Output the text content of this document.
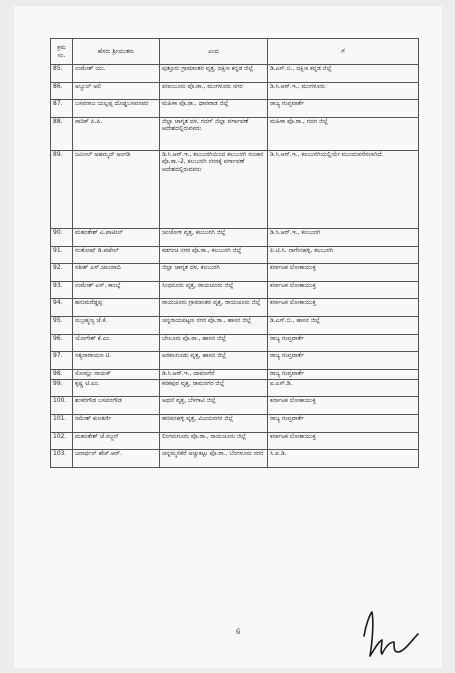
ಕ್ರಮ ಸಂ.	ಹೆಸರು ಶ್ರೀಯುತರು	ಎಂದ	ಗೆ
85.	ಉಮೇಶ್ ಯು.	ಪುತ್ತೂರು ಗ್ರಾಮಾಂತರ ವೃತ್ತ, ದಕ್ಷಿಣ ಕನ್ನಡ ಜಿಲ್ಲೆ	ಡಿ.ಎಸ್.ಬಿ., ದಕ್ಷಿಣ ಕನ್ನಡ ಜಿಲ್ಲೆ
86.	ಅಬ್ದುಲ್ ಅಲಿ	ಪಣಂಬೂರು ಪೊ.ಠಾ., ಮಂಗಳೂರು ನಗರ	ಡಿ.ಸಿ.ಆರ್.ಇ., ಮಂಗಳೂರು
87.	ಬಸವರಾಜ ಯಲ್ಲಪ್ಪ ದೊಡ್ಡಬಸವನವರ	ಮಹಿಳಾ ಪೊ.ಠಾ., ಧಾರವಾಡ ಜಿಲ್ಲೆ	ರಾಜ್ಯ ಗುಪ್ತವಾರ್ತೆ
88.	ಸಾದಿಕ್ ಪಿ.ಪಿ.	ಜಿಲ್ಲಾ ಜಾಗೃತ ದಳ, ಗದಗ್ ಜಿಲ್ಲಾ ವರ್ಗಾವಣೆ ಆದೇಶದಲ್ಲಿರುವವರು	ಮಹಿಳಾ ಪೊ.ಠಾ., ಗದಗ ಜಿಲ್ಲೆ
89.	ಜಮೀಲ್ ಅಹಮ್ಮದ್ ಅಂಗಡಿ	ಡಿ.ಸಿ.ಆರ್.ಇ., ಕಲಬುರಗಿಯಿಂದ ಕಲಬುರಗಿ ಸಂಚಾರ ಪೊ.ಠಾ.-2, ಕಲಬುರಗಿ ನಗರಕ್ಕೆ ವರ್ಗಾವಣೆ ಆದೇಶದಲ್ಲಿರುವವರು	ಡಿ.ಸಿ.ಆರ್.ಇ., ಕಲಬುರಗಿಯಲ್ಲಿಯೇ ಮುಂದುವರೆಸಲಾಗಿದೆ.
90.	ಮಹಂತೇಶ್ ವಿ.ಪಾಟೀಲ್	ಚಿಂಚೋಳಿ ವೃತ್ತ, ಕಲಬುರಗಿ ಜಿಲ್ಲೆ	ಡಿ.ಸಿ.ಆರ್.ಇ., ಕಲಬುರಗಿ
91.	ಸಂತೋಷ್ ಡಿ.ಪಟೇಲ್	ಕಡಗಂಚಿ ನಗರ ಪೊ.ಠಾ., ಕಲಬುರಗಿ ಜಿಲ್ಲೆ	ಪಿ.ಟಿ.ಸಿ. ನಾಗೇನಹಳ್ಳಿ, ಕಲಬುರಗಿ
92.	ಸತೀಶ್ ಎಸ್.ಚಿಲುವಾದಿ	ಜಿಲ್ಲಾ ಜಾಗೃತ ದಳ, ಕಲಬುರಗಿ	ಕರ್ನಾಟಕ ಲೋಕಾಯುಕ್ತ
93.	ಉಮೇಶ್ ಎಸ್. ಕಾಂಬ್ಳೆ	ಸಿಂಧನೂರು ವೃತ್ತ, ರಾಯಚೂರು ಜಿಲ್ಲೆ	ಕರ್ನಾಟಕ ಲೋಕಾಯುಕ್ತ
94.	ಹನುಮರೆಡ್ಡಪ್ಪ	ರಾಯಚೂರು ಗ್ರಾಮಾಂತರ ವೃತ್ತ, ರಾಯಚೂರು ಜಿಲ್ಲೆ	ಕರ್ನಾಟಕ ಲೋಕಾಯುಕ್ತ
95.	ಸುಬ್ರಹ್ಮಣ್ಯ ಜೆ.ಕೆ.	ಚನ್ನರಾಯಪಟ್ಟಣ ನಗರ ಪೊ.ಠಾ., ಹಾಸನ ಜಿಲ್ಲೆ	ಡಿ.ಎಸ್.ಬಿ., ಹಾಸನ ಜಿಲ್ಲೆ
96.	ಯೋಗೇಶ್ ಕೆ.ಎಂ.	ಬೇಲೂರು ಪೊ.ಠಾ., ಹಾಸನ ಜಿಲ್ಲೆ	ರಾಜ್ಯ ಗುಪ್ತವಾರ್ತೆ
97.	ಸತ್ಯನಾರಾಯಣ ಟಿ.	ಅರಕಲಗೂಡು ವೃತ್ತ, ಹಾಸನ ಜಿಲ್ಲೆ	ರಾಜ್ಯ ಗುಪ್ತವಾರ್ತೆ
98.	ಸೋಮ್ಲು ನಾಯಕ್	ಡಿ.ಸಿ.ಆರ್.ಇ., ದಾವಣಗೆರೆ	ರಾಜ್ಯ ಗುಪ್ತವಾರ್ತೆ
99.	ಕೃಷ್ಣ ಟಿ.ಎಂ.	ಕನಕಪುರ ವೃತ್ತ, ರಾಮನಗರ ಜಿಲ್ಲೆ	ಐ.ಎಸ್.ಡಿ.
100.	ಶಂಕರಗೌಡ ಬಸವನಗೌಡ	ಅಥಣಿ ವೃತ್ತ, ಬೆಳಗಾವಿ ಜಿಲ್ಲೆ	ಕರ್ನಾಟಕ ಲೋಕಾಯುಕ್ತ
101.	ರಮೇಶ್ ಕುಲಕರ್ಣಿ	ಹರಪನಹಳ್ಳಿ ವೃತ್ತ, ವಿಜಯನಗರ ಜಿಲ್ಲೆ	ರಾಜ್ಯ ಗುಪ್ತವಾರ್ತೆ
102.	ಮಹಂತೇಶ್ ಜೆ.ಸಜ್ಜನ್	ಲಿಂಗಸುಗೂರು ಪೊ.ಠಾ., ರಾಯಚೂರು ಜಿಲ್ಲೆ	ಕರ್ನಾಟಕ ಲೋಕಾಯುಕ್ತ
103.	ಜನಾರ್ಧನ್ ಹೆಚ್.ಆರ್.	ಚನ್ನಮ್ಮನಕೆರೆ ಅಚ್ಚುಕಟ್ಟು ಪೊ.ಠಾ., ಬೆಂಗಳೂರು ನಗರ	ಸಿ.ಐ.ಡಿ.
6
